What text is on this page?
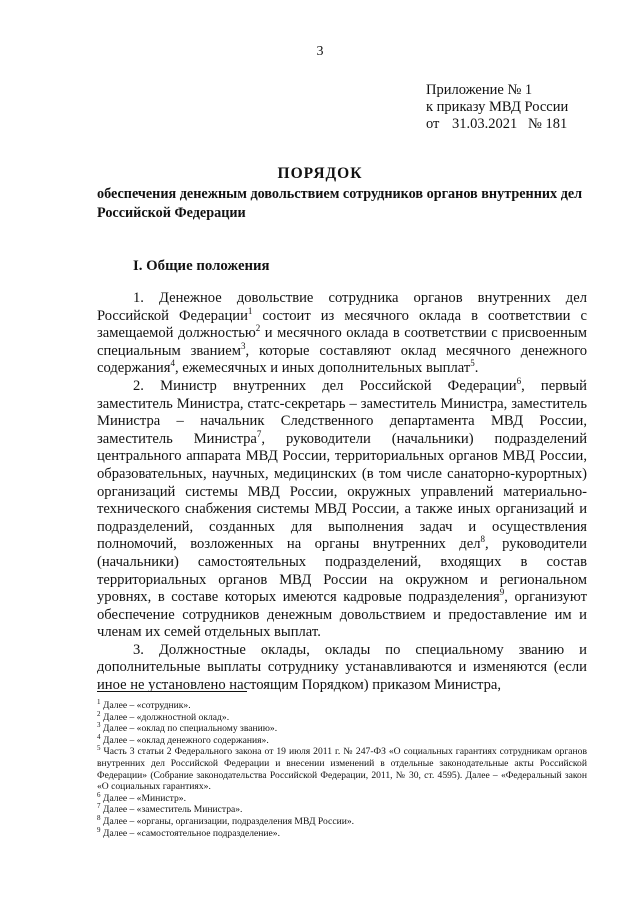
3
Приложение № 1
к приказу МВД России
от 31.03.2021 № 181
ПОРЯДОК
обеспечения денежным довольствием сотрудников органов внутренних дел Российской Федерации
I. Общие положения

1. Денежное довольствие сотрудника органов внутренних дел Российской Федерации$^1$ состоит из месячного оклада в соответствии с замещаемой должностью$^2$ и месячного оклада в соответствии с присвоенным специальным званием$^3$, которые составляют оклад месячного денежного содержания$^4$, ежемесячных и иных дополнительных выплат$^5$.

2. Министр внутренних дел Российской Федерации$^6$, первый заместитель Министра, статс-секретарь – заместитель Министра, заместитель Министра – начальник Следственного департамента МВД России, заместитель Министра$^7$, руководители (начальники) подразделений центрального аппарата МВД России, территориальных органов МВД России, образовательных, научных, медицинских (в том числе санаторно-курортных) организаций системы МВД России, окружных управлений материально-технического снабжения системы МВД России, а также иных организаций и подразделений, созданных для выполнения задач и осуществления полномочий, возложенных на органы внутренних дел$^8$, руководители (начальники) самостоятельных подразделений, входящих в состав территориальных органов МВД России на окружном и региональном уровнях, в составе которых имеются кадровые подразделения$^9$, организуют обеспечение сотрудников денежным довольствием и предоставление им и членам их семей отдельных выплат.

3. Должностные оклады, оклады по специальному званию и дополнительные выплаты сотруднику устанавливаются и изменяются (если иное не установлено настоящим Порядком) приказом Министра,

$^1$ Далее – «сотрудник».
$^2$ Далее – «должностной оклад».
$^3$ Далее – «оклад по специальному званию».
$^4$ Далее – «оклад денежного содержания».
$^5$ Часть 3 статьи 2 Федерального закона от 19 июля 2011 г. № 247-ФЗ «О социальных гарантиях сотрудникам органов внутренних дел Российской Федерации и внесении изменений в отдельные законодательные акты Российской Федерации» (Собрание законодательства Российской Федерации, 2011, № 30, ст. 4595). Далее – «Федеральный закон «О социальных гарантиях».
$^6$ Далее – «Министр».
$^7$ Далее – «заместитель Министра».
$^8$ Далее – «органы, организации, подразделения МВД России».
$^9$ Далее – «самостоятельное подразделение».
